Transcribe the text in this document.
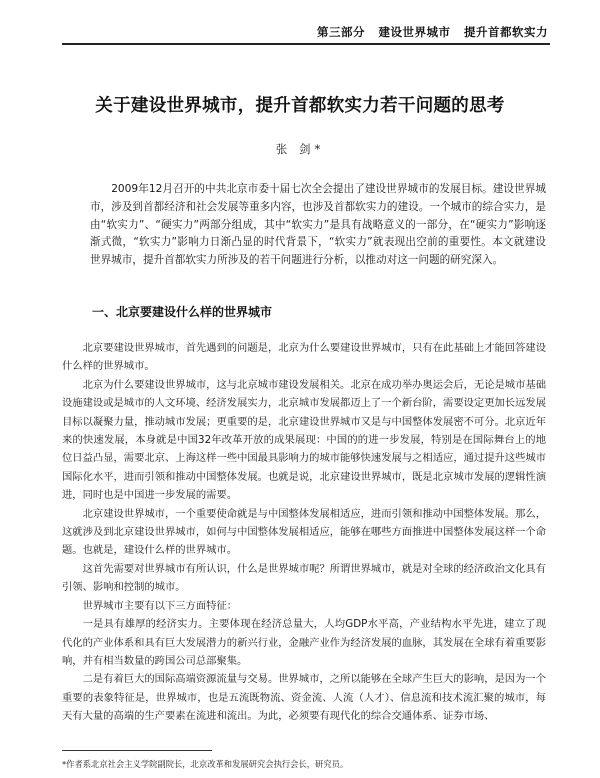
第三部分   建设世界城市   提升首都软实力
关于建设世界城市，提升首都软实力若干问题的思考
张 剑*
2009年12月召开的中共北京市委十届七次全会提出了建设世界城市的发展目标。建设世界城市，涉及到首都经济和社会发展等重多内容，也涉及首都软实力的建设。一个城市的综合实力，是由“软实力”、“硬实力”两部分组成，其中“软实力”是具有战略意义的一部分，在“硬实力”影响逐渐式微，“软实力”影响力日渐凸显的时代背景下，“软实力”就表现出空前的重要性。本文就建设世界城市，提升首都软实力所涉及的若干问题进行分析，以推动对这一问题的研究深入。
一、北京要建设什么样的世界城市

北京要建设世界城市，首先遇到的问题是，北京为什么要建设世界城市，只有在此基础上才能回答建设什么样的世界城市。

北京为什么要建设世界城市，这与北京城市建设发展相关。北京在成功举办奥运会后，无论是城市基础设施建设或是城市的人文环境、经济发展实力，北京城市发展都迈上了一个新台阶，需要设定更加长远发展目标以凝聚力量，推动城市发展；更重要的是，北京建设世界城市又是与中国整体发展密不可分。北京近年来的快速发展，本身就是中国32年改革开放的成果展现：中国的的进一步发展，特别是在国际舞台上的地位日益凸显，需要北京、上海这样一些中国最具影响力的城市能够快速发展与之相适应，通过提升这些城市国际化水平，进而引领和推动中国整体发展。也就是说，北京建设世界城市，既是北京城市发展的逻辑性演进，同时也是中国进一步发展的需要。

北京建设世界城市，一个重要使命就是与中国整体发展相适应，进而引领和推动中国整体发展。那么，这就涉及到北京建设世界城市，如何与中国整体发展相适应，能够在哪些方面推进中国整体发展这样一个命题。也就是，建设什么样的世界城市。

这首先需要对世界城市有所认识，什么是世界城市呢？所谓世界城市，就是对全球的经济政治文化具有引领、影响和控制的城市。

世界城市主要有以下三方面特征：

一是具有雄厚的经济实力。主要体现在经济总量大，人均GDP水平高，产业结构水平先进，建立了现代化的产业体系和具有巨大发展潜力的新兴行业，金融产业作为经济发展的血脉，其发展在全球有着重要影响，并有相当数量的跨国公司总部聚集。

二是有着巨大的国际高端资源流量与交易。世界城市，之所以能够在全球产生巨大的影响，是因为一个重要的表象特征是，世界城市，也是五流既物流、资金流、人流（人才）、信息流和技术流汇聚的城市，每天有大量的高端的生产要素在流进和流出。为此，必须要有现代化的综合交通体系、证券市场、

*作者系北京社会主义学院副院长，北京改革和发展研究会执行会长，研究员。
